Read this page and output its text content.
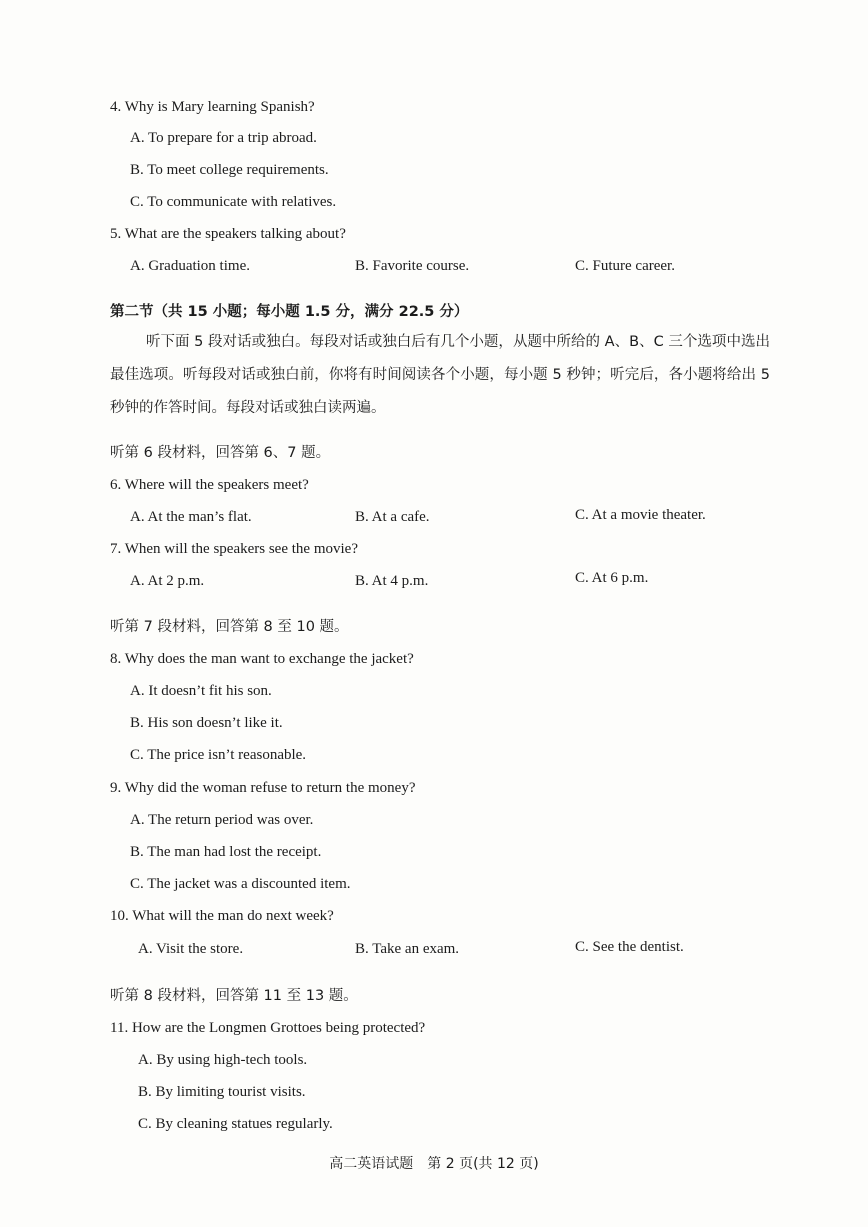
4. Why is Mary learning Spanish?
A. To prepare for a trip abroad.
B. To meet college requirements.
C. To communicate with relatives.
5. What are the speakers talking about?
A. Graduation time.	B. Favorite course.	C. Future career.
第二节（共 15 小题；每小题 1.5 分，满分 22.5 分）

听下面 5 段对话或独白。每段对话或独白后有几个小题，从题中所给的 A、B、C 三个选项中选出最佳选项。听每段对话或独白前，你将有时间阅读各个小题，每小题 5 秒钟；听完后，各小题将给出 5 秒钟的作答时间。每段对话或独白读两遍。

听第 6 段材料，回答第 6、7 题。
6. Where will the speakers meet?
A. At the man’s flat.	B. At a cafe.	C. At a movie theater.
7. When will the speakers see the movie?
A. At 2 p.m.	B. At 4 p.m.	C. At 6 p.m.
听第 7 段材料，回答第 8 至 10 题。
8. Why does the man want to exchange the jacket?
A. It doesn’t fit his son.
B. His son doesn’t like it.
C. The price isn’t reasonable.
9. Why did the woman refuse to return the money?
A. The return period was over.
B. The man had lost the receipt.
C. The jacket was a discounted item.
10. What will the man do next week?
A. Visit the store.	B. Take an exam.	C. See the dentist.
听第 8 段材料，回答第 11 至 13 题。
11. How are the Longmen Grottoes being protected?
A. By using high-tech tools.
B. By limiting tourist visits.
C. By cleaning statues regularly.
高二英语试题　第 2 页(共 12 页)
